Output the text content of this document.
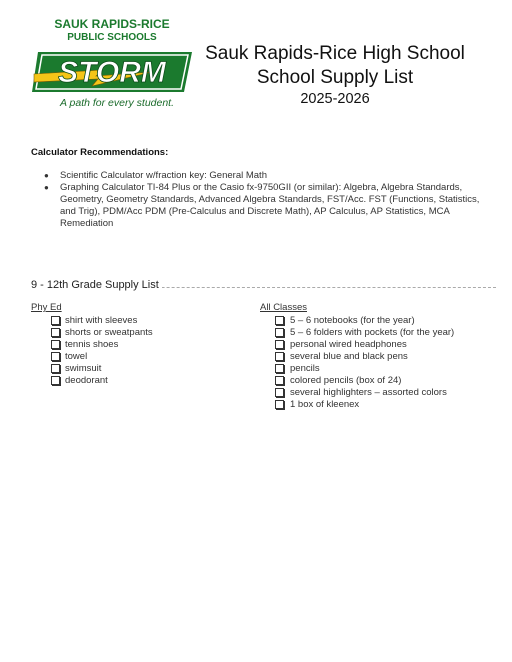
SAUK RAPIDS-RICE
PUBLIC SCHOOLS
STORM
A path for every student.
Sauk Rapids-Rice High School
School Supply List
2025-2026
Calculator Recommendations:
● Scientific Calculator w/fraction key: General Math
● Graphing Calculator TI-84 Plus or the Casio fx-9750GII (or similar): Algebra, Algebra Standards, Geometry, Geometry Standards, Advanced Algebra Standards, FST/Acc. FST (Functions, Statistics, and Trig), PDM/Acc PDM (Pre-Calculus and Discrete Math), AP Calculus, AP Statistics, MCA Remediation
9 - 12th Grade Supply List
Phy Ed
shirt with sleeves
shorts or sweatpants
tennis shoes
towel
swimsuit
deodorant
All Classes
5 – 6 notebooks (for the year)
5 – 6 folders with pockets (for the year)
personal wired headphones
several blue and black pens
pencils
colored pencils (box of 24)
several highlighters – assorted colors
1 box of kleenex
